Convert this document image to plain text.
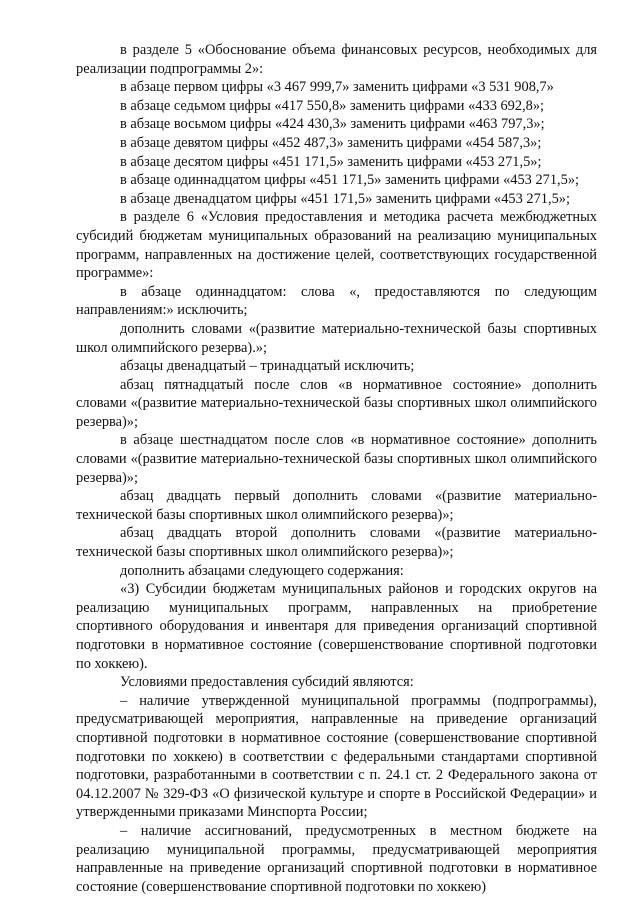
в разделе 5 «Обоснование объема финансовых ресурсов, необходимых для реализации подпрограммы 2»:

в абзаце первом цифры «3 467 999,7» заменить цифрами «3 531 908,7»

в абзаце седьмом цифры «417 550,8» заменить цифрами «433 692,8»;

в абзаце восьмом цифры «424 430,3» заменить цифрами «463 797,3»;

в абзаце девятом цифры «452 487,3» заменить цифрами «454 587,3»;

в абзаце десятом цифры «451 171,5» заменить цифрами «453 271,5»;

в абзаце одиннадцатом цифры «451 171,5» заменить цифрами «453 271,5»;

в абзаце двенадцатом цифры «451 171,5» заменить цифрами «453 271,5»;

в разделе 6 «Условия предоставления и методика расчета межбюджетных субсидий бюджетам муниципальных образований на реализацию муниципальных программ, направленных на достижение целей, соответствующих государственной программе»:

в абзаце одиннадцатом: слова «, предоставляются по следующим направлениям:» исключить;

дополнить словами «(развитие материально-технической базы спортивных школ олимпийского резерва).»;

абзацы двенадцатый – тринадцатый исключить;

абзац пятнадцатый после слов «в нормативное состояние» дополнить словами «(развитие материально-технической базы спортивных школ олимпийского резерва)»;

в абзаце шестнадцатом после слов «в нормативное состояние» дополнить словами «(развитие материально-технической базы спортивных школ олимпийского резерва)»;

абзац двадцать первый дополнить словами «(развитие материально-технической базы спортивных школ олимпийского резерва)»;

абзац двадцать второй дополнить словами «(развитие материально-технической базы спортивных школ олимпийского резерва)»;

дополнить абзацами следующего содержания:

«3) Субсидии бюджетам муниципальных районов и городских округов на реализацию муниципальных программ, направленных на приобретение спортивного оборудования и инвентаря для приведения организаций спортивной подготовки в нормативное состояние (совершенствование спортивной подготовки по хоккею).

Условиями предоставления субсидий являются:

– наличие утвержденной муниципальной программы (подпрограммы), предусматривающей мероприятия, направленные на приведение организаций спортивной подготовки в нормативное состояние (совершенствование спортивной подготовки по хоккею) в соответствии с федеральными стандартами спортивной подготовки, разработанными в соответствии с п. 24.1 ст. 2 Федерального закона от 04.12.2007 № 329-ФЗ «О физической культуре и спорте в Российской Федерации» и утвержденными приказами Минспорта России;

– наличие ассигнований, предусмотренных в местном бюджете на реализацию муниципальной программы, предусматривающей мероприятия направленные на приведение организаций спортивной подготовки в нормативное состояние (совершенствование спортивной подготовки по хоккею)
